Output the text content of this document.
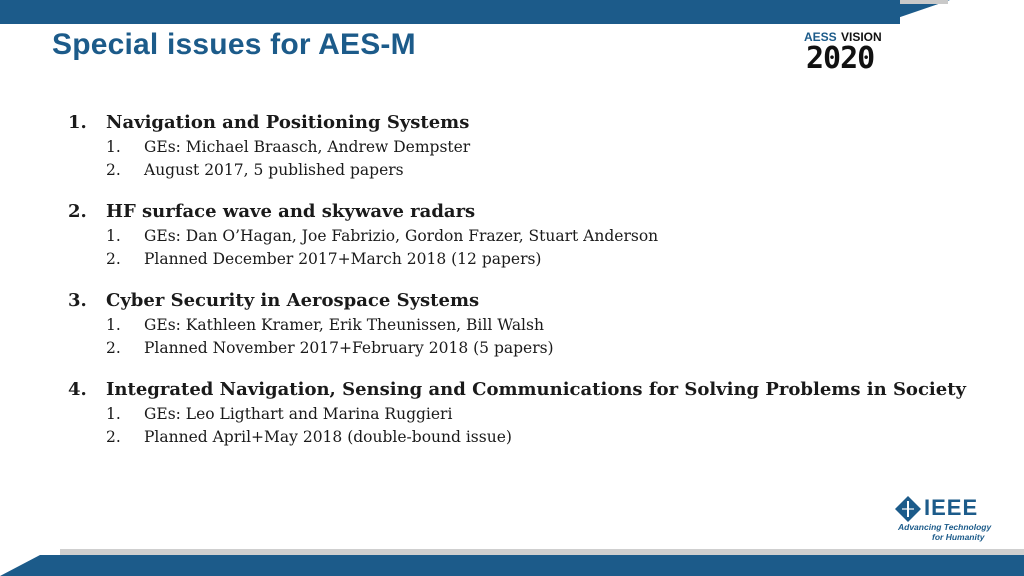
Special issues for AES-M	AESS VISION
2020
1.	Navigation and Positioning Systems
1.	GEs: Michael Braasch, Andrew Dempster
2.	August 2017, 5 published papers
2.	HF surface wave and skywave radars
1.	GEs: Dan O’Hagan, Joe Fabrizio, Gordon Frazer, Stuart Anderson
2.	Planned December 2017+March 2018 (12 papers)
3.	Cyber Security in Aerospace Systems
1.	GEs: Kathleen Kramer, Erik Theunissen, Bill Walsh
2.	Planned November 2017+February 2018 (5 papers)
4.	Integrated Navigation, Sensing and Communications for Solving Problems in Society
1.	GEs: Leo Ligthart and Marina Ruggieri
2.	Planned April+May 2018 (double-bound issue)
IEEE
Advancing Technology
for Humanity
